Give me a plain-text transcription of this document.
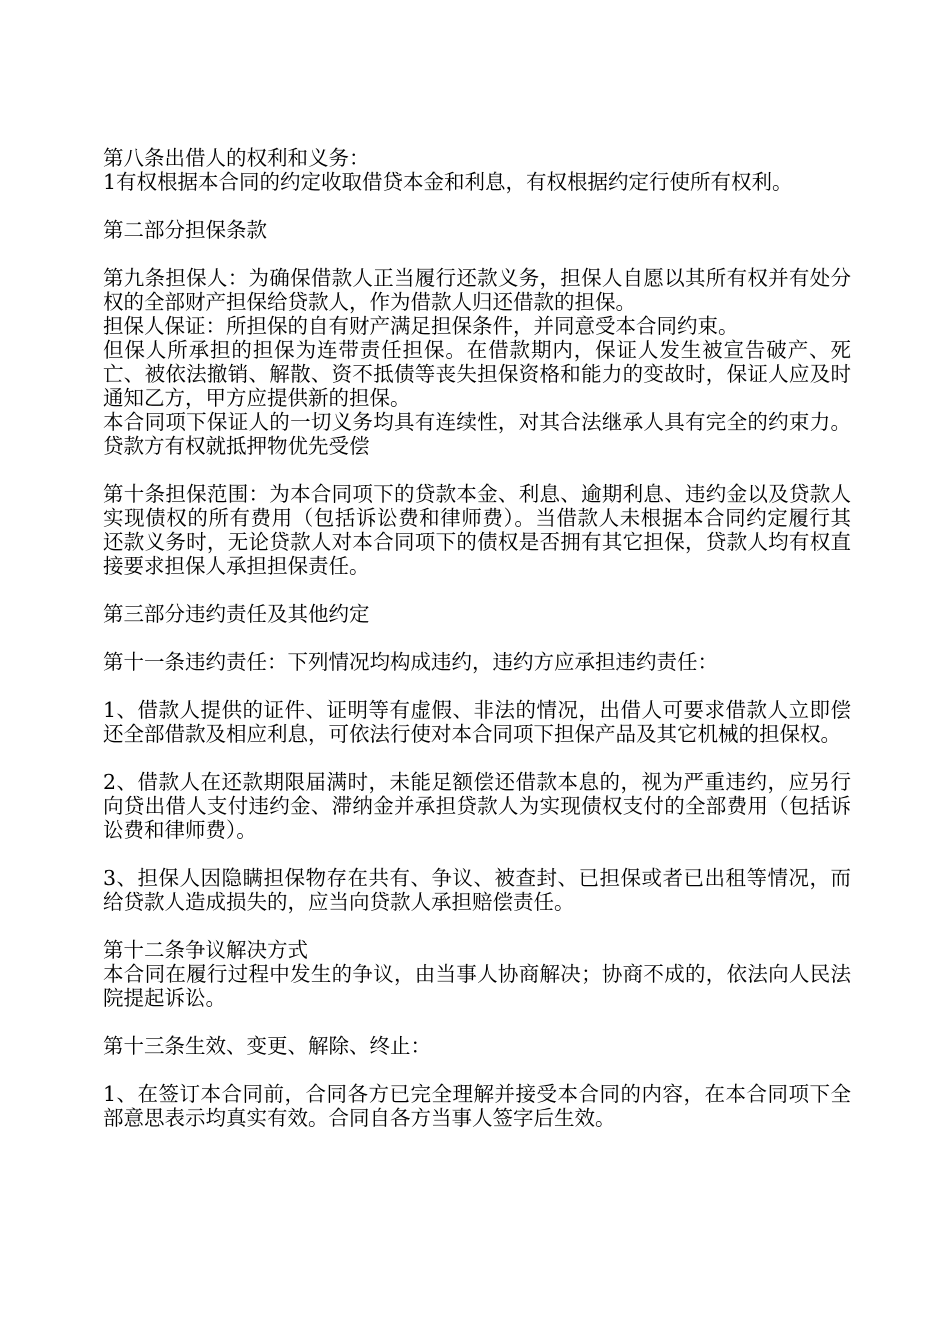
第八条出借人的权利和义务：

1有权根据本合同的约定收取借贷本金和利息，有权根据约定行使所有权利。

第二部分担保条款

第九条担保人：为确保借款人正当履行还款义务，担保人自愿以其所有权并有处分权的全部财产担保给贷款人，作为借款人归还借款的担保。

担保人保证：所担保的自有财产满足担保条件，并同意受本合同约束。

但保人所承担的担保为连带责任担保。在借款期内，保证人发生被宣告破产、死亡、被依法撤销、解散、资不抵债等丧失担保资格和能力的变故时，保证人应及时通知乙方，甲方应提供新的担保。

本合同项下保证人的一切义务均具有连续性，对其合法继承人具有完全的约束力。贷款方有权就抵押物优先受偿

第十条担保范围：为本合同项下的贷款本金、利息、逾期利息、违约金以及贷款人实现债权的所有费用（包括诉讼费和律师费）。当借款人未根据本合同约定履行其还款义务时，无论贷款人对本合同项下的债权是否拥有其它担保，贷款人均有权直接要求担保人承担担保责任。

第三部分违约责任及其他约定

第十一条违约责任：下列情况均构成违约，违约方应承担违约责任：

1、借款人提供的证件、证明等有虚假、非法的情况，出借人可要求借款人立即偿还全部借款及相应利息，可依法行使对本合同项下担保产品及其它机械的担保权。

2、借款人在还款期限届满时，未能足额偿还借款本息的，视为严重违约，应另行向贷出借人支付违约金、滞纳金并承担贷款人为实现债权支付的全部费用（包括诉讼费和律师费）。

3、担保人因隐瞒担保物存在共有、争议、被查封、已担保或者已出租等情况，而给贷款人造成损失的，应当向贷款人承担赔偿责任。

第十二条争议解决方式

本合同在履行过程中发生的争议，由当事人协商解决；协商不成的，依法向人民法院提起诉讼。

第十三条生效、变更、解除、终止：

1、在签订本合同前，合同各方已完全理解并接受本合同的内容，在本合同项下全部意思表示均真实有效。合同自各方当事人签字后生效。
